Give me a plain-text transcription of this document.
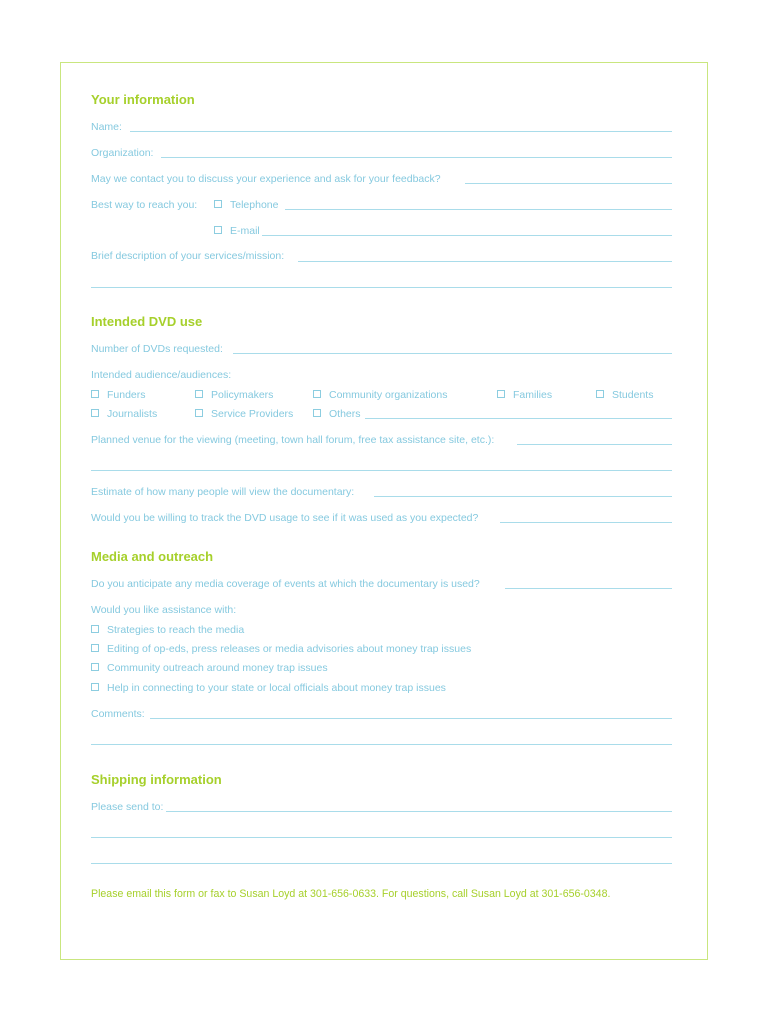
Your information
Name:
Organization:
May we contact you to discuss your experience and ask for your feedback?
Best way to reach you:	Telephone
E-mail
Brief description of your services/mission:
Intended DVD use
Number of DVDs requested:
Intended audience/audiences:
Funders	Policymakers	Community organizations	Families	Students
Journalists	Service Providers	Others
Planned venue for the viewing (meeting, town hall forum, free tax assistance site, etc.):
Estimate of how many people will view the documentary:
Would you be willing to track the DVD usage to see if it was used as you expected?
Media and outreach
Do you anticipate any media coverage of events at which the documentary is used?
Would you like assistance with:
Strategies to reach the media
Editing of op-eds, press releases or media advisories about money trap issues
Community outreach around money trap issues
Help in connecting to your state or local officials about money trap issues
Comments:
Shipping information
Please send to:
Please email this form or fax to Susan Loyd at 301-656-0633. For questions, call Susan Loyd at 301-656-0348.
